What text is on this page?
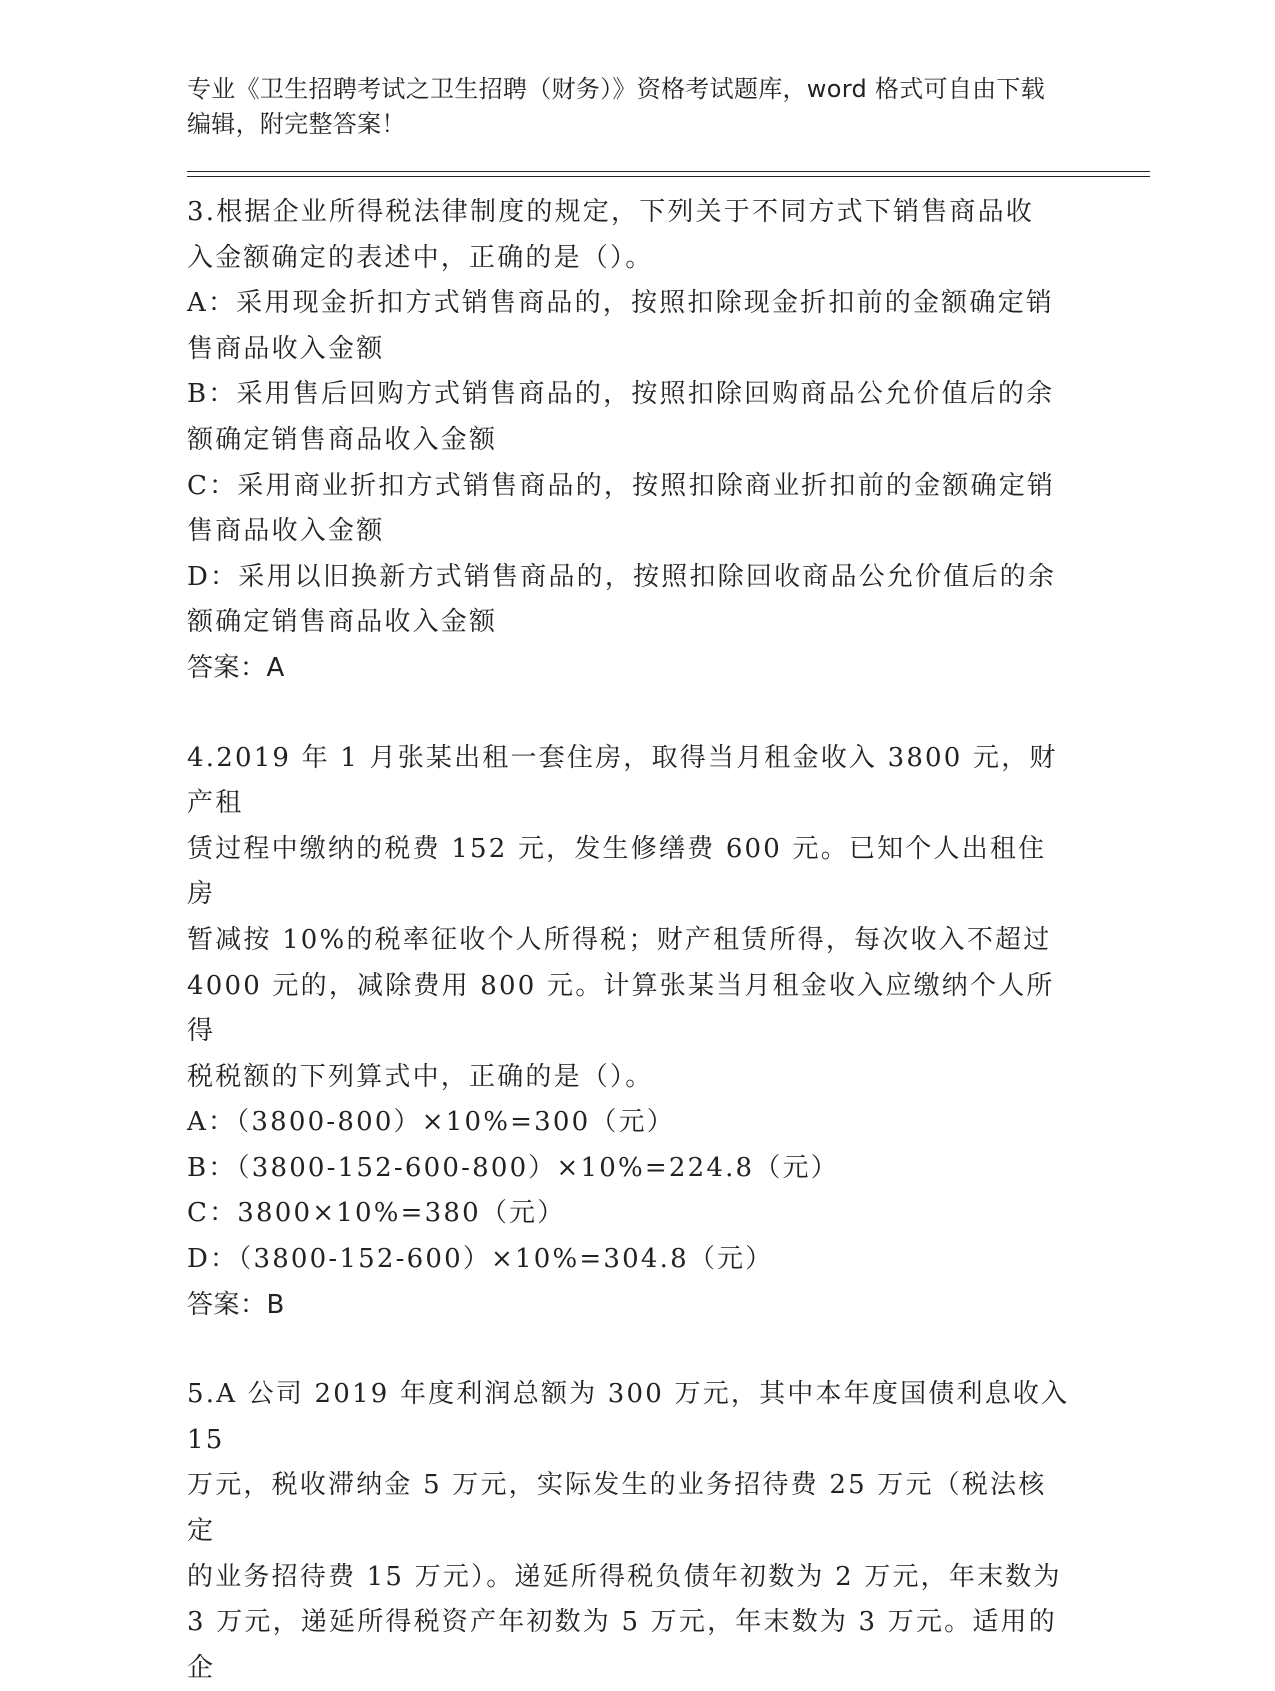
专业《卫生招聘考试之卫生招聘（财务）》资格考试题库，word 格式可自由下载
编辑，附完整答案！

3.根据企业所得税法律制度的规定，下列关于不同方式下销售商品收

入金额确定的表述中，正确的是（）。

A：采用现金折扣方式销售商品的，按照扣除现金折扣前的金额确定销

售商品收入金额

B：采用售后回购方式销售商品的，按照扣除回购商品公允价值后的余

额确定销售商品收入金额

C：采用商业折扣方式销售商品的，按照扣除商业折扣前的金额确定销

售商品收入金额

D：采用以旧换新方式销售商品的，按照扣除回收商品公允价值后的余

额确定销售商品收入金额

答案：A

4.2019 年 1 月张某出租一套住房，取得当月租金收入 3800 元，财产租

赁过程中缴纳的税费 152 元，发生修缮费 600 元。已知个人出租住房

暂减按 10%的税率征收个人所得税；财产租赁所得，每次收入不超过

4000 元的，减除费用 800 元。计算张某当月租金收入应缴纳个人所得

税税额的下列算式中，正确的是（）。

A：（3800-800）×10%=300（元）

B：（3800-152-600-800）×10%=224.8（元）

C：3800×10%=380（元）

D：（3800-152-600）×10%=304.8（元）

答案：B

5.A 公司 2019 年度利润总额为 300 万元，其中本年度国债利息收入 15

万元，税收滞纳金 5 万元，实际发生的业务招待费 25 万元（税法核定

的业务招待费 15 万元）。递延所得税负债年初数为 2 万元，年末数为

3 万元，递延所得税资产年初数为 5 万元，年末数为 3 万元。适用的企
